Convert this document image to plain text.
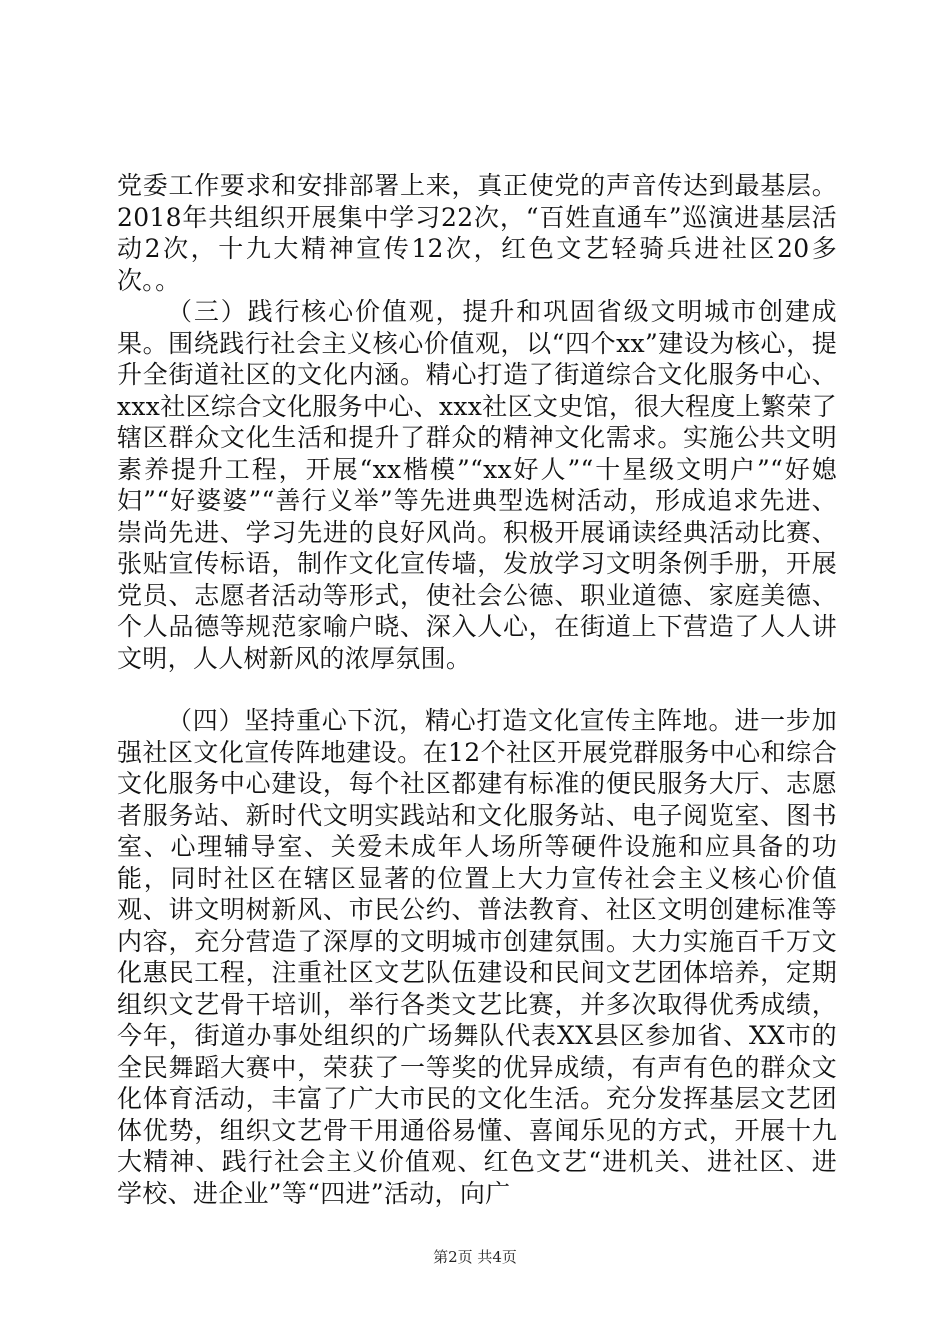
党委工作要求和安排部署上来，真正使党的声音传达到最基层。2018年共组织开展集中学习22次，“百姓直通车”巡演进基层活动2次，十九大精神宣传12次，红色文艺轻骑兵进社区20多次。。

（三）践行核心价值观，提升和巩固省级文明城市创建成果。围绕践行社会主义核心价值观，以“四个xx”建设为核心，提升全街道社区的文化内涵。精心打造了街道综合文化服务中心、xxx社区综合文化服务中心、xxx社区文史馆，很大程度上繁荣了辖区群众文化生活和提升了群众的精神文化需求。实施公共文明素养提升工程，开展“xx楷模”“xx好人”“十星级文明户”“好媳妇”“好婆婆”“善行义举”等先进典型选树活动，形成追求先进、崇尚先进、学习先进的良好风尚。积极开展诵读经典活动比赛、张贴宣传标语，制作文化宣传墙，发放学习文明条例手册，开展党员、志愿者活动等形式，使社会公德、职业道德、家庭美德、个人品德等规范家喻户晓、深入人心，在街道上下营造了人人讲文明，人人树新风的浓厚氛围。

（四）坚持重心下沉，精心打造文化宣传主阵地。进一步加强社区文化宣传阵地建设。在12个社区开展党群服务中心和综合文化服务中心建设，每个社区都建有标准的便民服务大厅、志愿者服务站、新时代文明实践站和文化服务站、电子阅览室、图书室、心理辅导室、关爱未成年人场所等硬件设施和应具备的功能，同时社区在辖区显著的位置上大力宣传社会主义核心价值观、讲文明树新风、市民公约、普法教育、社区文明创建标准等内容，充分营造了深厚的文明城市创建氛围。大力实施百千万文化惠民工程，注重社区文艺队伍建设和民间文艺团体培养，定期组织文艺骨干培训，举行各类文艺比赛，并多次取得优秀成绩，今年，街道办事处组织的广场舞队代表XX县区参加省、XX市的全民舞蹈大赛中，荣获了一等奖的优异成绩，有声有色的群众文化体育活动，丰富了广大市民的文化生活。充分发挥基层文艺团体优势，组织文艺骨干用通俗易懂、喜闻乐见的方式，开展十九大精神、践行社会主义价值观、红色文艺“进机关、进社区、进学校、进企业”等“四进”活动，向广

第2页 共4页
